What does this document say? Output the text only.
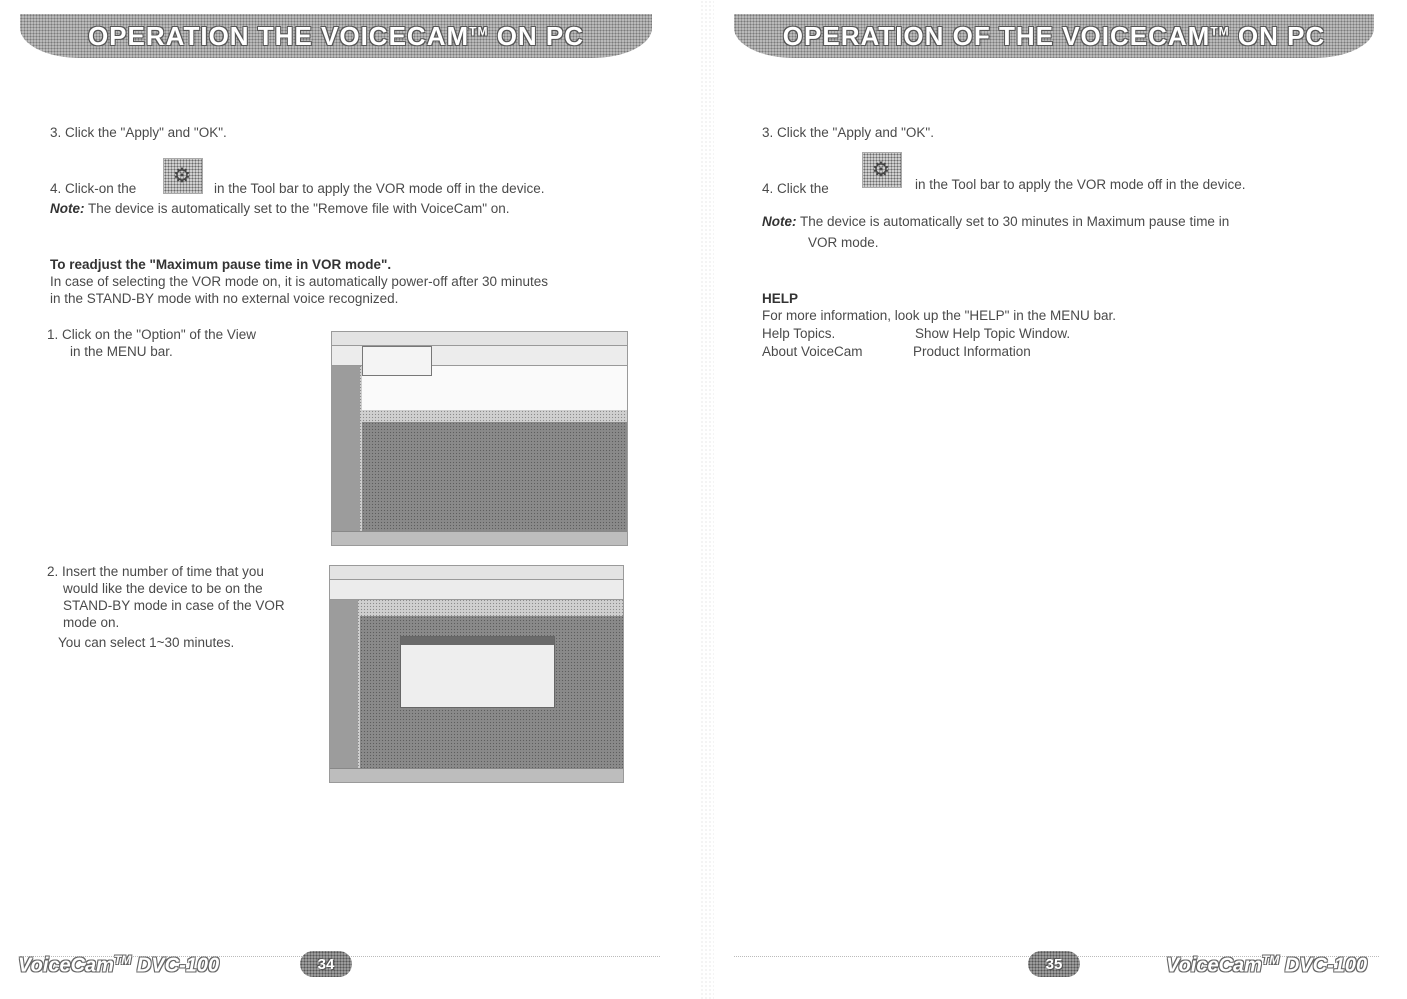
OPERATION THE VOICECAM™ ON PC
3. Click the "Apply" and "OK".
4. Click-on the
⚙
in the Tool bar to apply the VOR mode off in the device.
Note: The device is automatically set to the "Remove file with VoiceCam" on.
To readjust the "Maximum pause time in VOR mode".
In case of selecting the VOR mode on, it is automatically power-off after 30 minutes
in the STAND-BY mode with no external voice recognized.
1. Click on the "Option" of the View
in the MENU bar.
2. Insert the number of time that you
would like the device to be on the
STAND-BY mode in case of the VOR
mode on.
You can select 1~30 minutes.
VoiceCam™ DVC-100	34
OPERATION OF THE VOICECAM™ ON PC
3. Click the "Apply and "OK".
4. Click the
⚙
in the Tool bar to apply the VOR mode off in the device.
Note: The device is automatically set to 30 minutes in Maximum pause time in
VOR mode.
HELP
For more information, look up the "HELP" in the MENU bar.
Help Topics.	Show Help Topic Window.
About VoiceCam	Product Information
35	VoiceCam™ DVC-100
